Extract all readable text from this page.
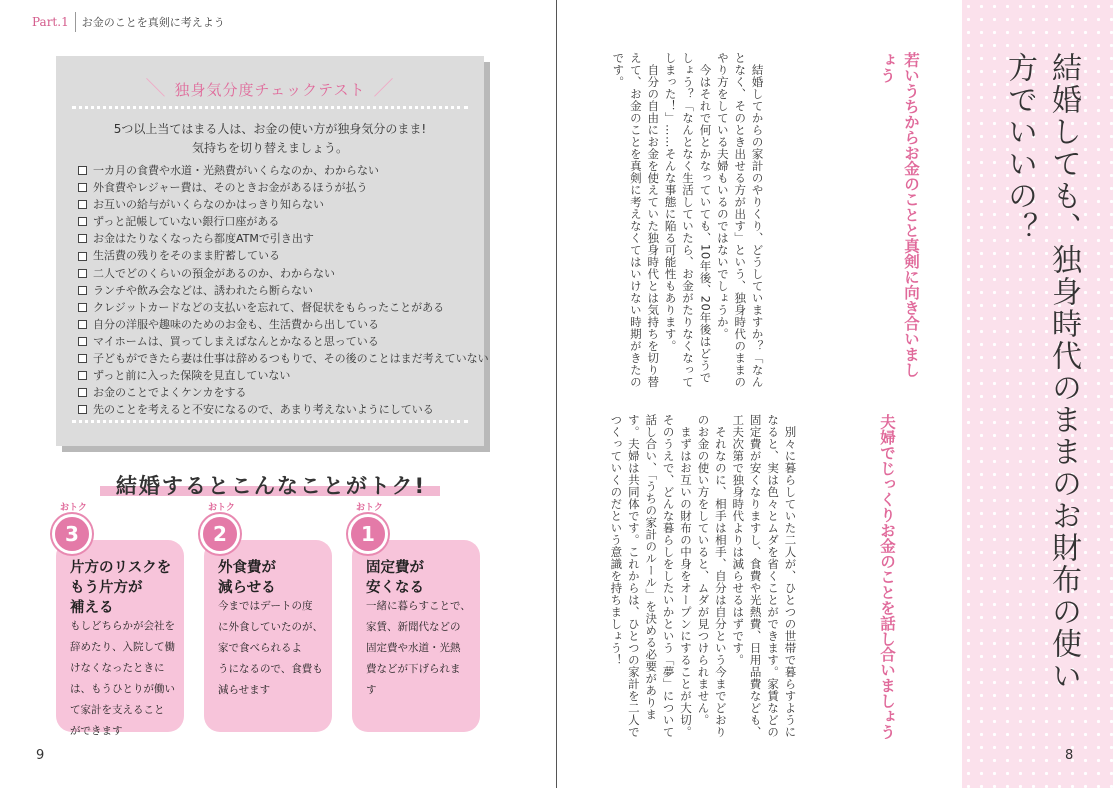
Part.1 お金のことを真剣に考えよう
＼ 独身気分度チェックテスト ／
5つ以上当てはまる人は、お金の使い方が独身気分のまま!
気持ちを切り替えましょう。
一カ月の食費や水道・光熱費がいくらなのか、わからない
外食費やレジャー費は、そのときお金があるほうが払う
お互いの給与がいくらなのかはっきり知らない
ずっと記帳していない銀行口座がある
お金はたりなくなったら都度ATMで引き出す
生活費の残りをそのまま貯蓄している
二人でどのくらいの預金があるのか、わからない
ランチや飲み会などは、誘われたら断らない
クレジットカードなどの支払いを忘れて、督促状をもらったことがある
自分の洋服や趣味のためのお金も、生活費から出している
マイホームは、買ってしまえばなんとかなると思っている
子どもができたら妻は仕事は辞めるつもりで、その後のことはまだ考えていない
ずっと前に入った保険を見直していない
お金のことでよくケンカをする
先のことを考えると不安になるので、あまり考えないようにしている
結婚するとこんなことがトク!
おトク
片方のリスクを
もう片方が
補える
もしどちらかが会社を
辞めたり、入院して働
けなくなったときに
は、もうひとりが働い
て家計を支えること
ができます
3
おトク
外食費が
減らせる
今まではデートの度
に外食していたのが、
家で食べられるよ
うになるので、食費も
減らせます
2
おトク
固定費が
安くなる
一緒に暮らすことで、
家賃、新聞代などの
固定費や水道・光熱
費などが下げられま
す
1
9
結婚しても、独身時代のままのお財布の使い方でいいの？
若いうちからお金のことと真剣に向き合いましょう

結婚してからの家計のやりくり、どうしていますか？「なんとなく、そのとき出せる方が出す」という、独身時代のままのやり方をしている夫婦もいるのではないでしょうか。

今はそれで何とかなっていても、10年後、20年後はどうでしょう？「なんとなく生活していたら、お金がたりなくなってしまった！」……そんな事態に陥る可能性もあります。

自分の自由にお金を使えていた独身時代とは気持ちを切り替えて、お金のことを真剣に考えなくてはいけない時期がきたのです。

夫婦でじっくりお金のことを話し合いましょう

別々に暮らしていた二人が、ひとつの世帯で暮らすようになると、実は色々とムダを省くことができます。家賃などの固定費が安くなりますし、食費や光熱費、日用品費なども、工夫次第で独身時代よりは減らせるはずです。

それなのに、相手は相手、自分は自分という今までどおりのお金の使い方をしていると、ムダが見つけられません。

まずはお互いの財布の中身をオープンにすることが大切。そのうえで、どんな暮らしをしたいかという「夢」について話し合い、「うちの家計のルール」を決める必要があります。夫婦は共同体です。これからは、ひとつの家計を二人でつくっていくのだという意識を持ちましょう！

8
